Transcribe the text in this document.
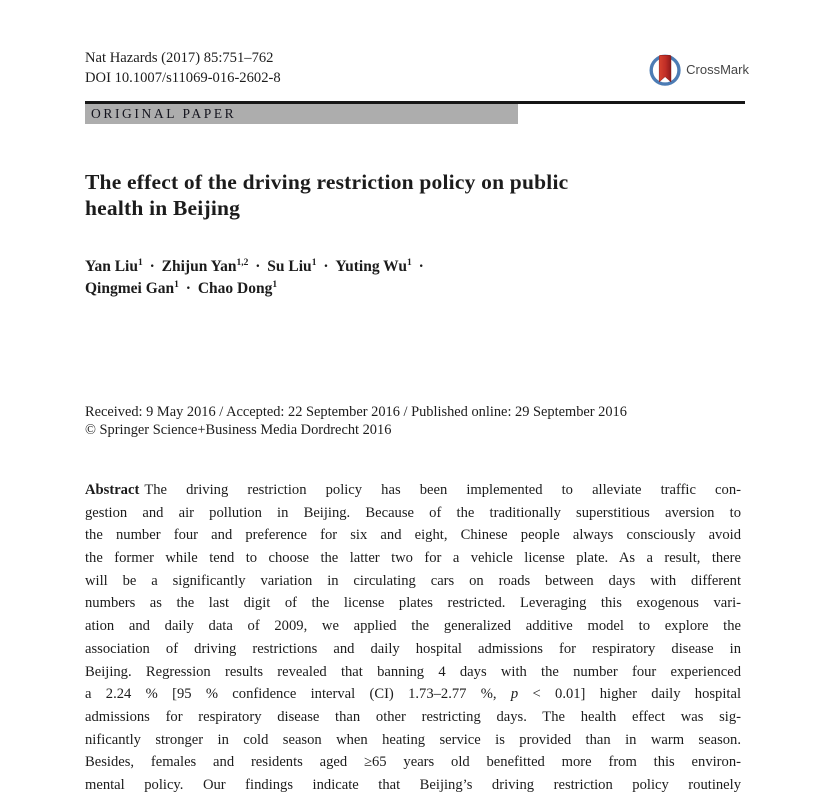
Nat Hazards (2017) 85:751–762
DOI 10.1007/s11069-016-2602-8
CrossMark
ORIGINAL PAPER
The effect of the driving restriction policy on public
health in Beijing
Yan Liu$^1$ · Zhijun Yan$^{1,2}$ · Su Liu$^1$ · Yuting $Wu^1$ ·
Qingmei Gan$^1$ · Chao Dong$^1$
Received: 9 May 2016 / Accepted: 22 September 2016 / Published online: 29 September 2016
© Springer Science+Business Media Dordrecht 2016
Abstract The driving restriction policy has been implemented to alleviate traffic con-
gestion and air pollution in Beijing. Because of the traditionally superstitious aversion to
the number four and preference for six and eight, Chinese people always consciously avoid
the former while tend to choose the latter two for a vehicle license plate. As a result, there
will be a significantly variation in circulating cars on roads between days with different
numbers as the last digit of the license plates restricted. Leveraging this exogenous vari-
ation and daily data of 2009, we applied the generalized additive model to explore the
association of driving restrictions and daily hospital admissions for respiratory disease in
Beijing. Regression results revealed that banning 4 days with the number four experienced
a 2.24 % [95 % confidence interval (CI) 1.73–2.77 %, p < 0.01] higher daily hospital
admissions for respiratory disease than other restricting days. The health effect was sig-
nificantly stronger in cold season when heating service is provided than in warm season.
Besides, females and residents aged ≥65 years old benefitted more from this environ-
mental policy. Our findings indicate that Beijing’s driving restriction policy routinely
